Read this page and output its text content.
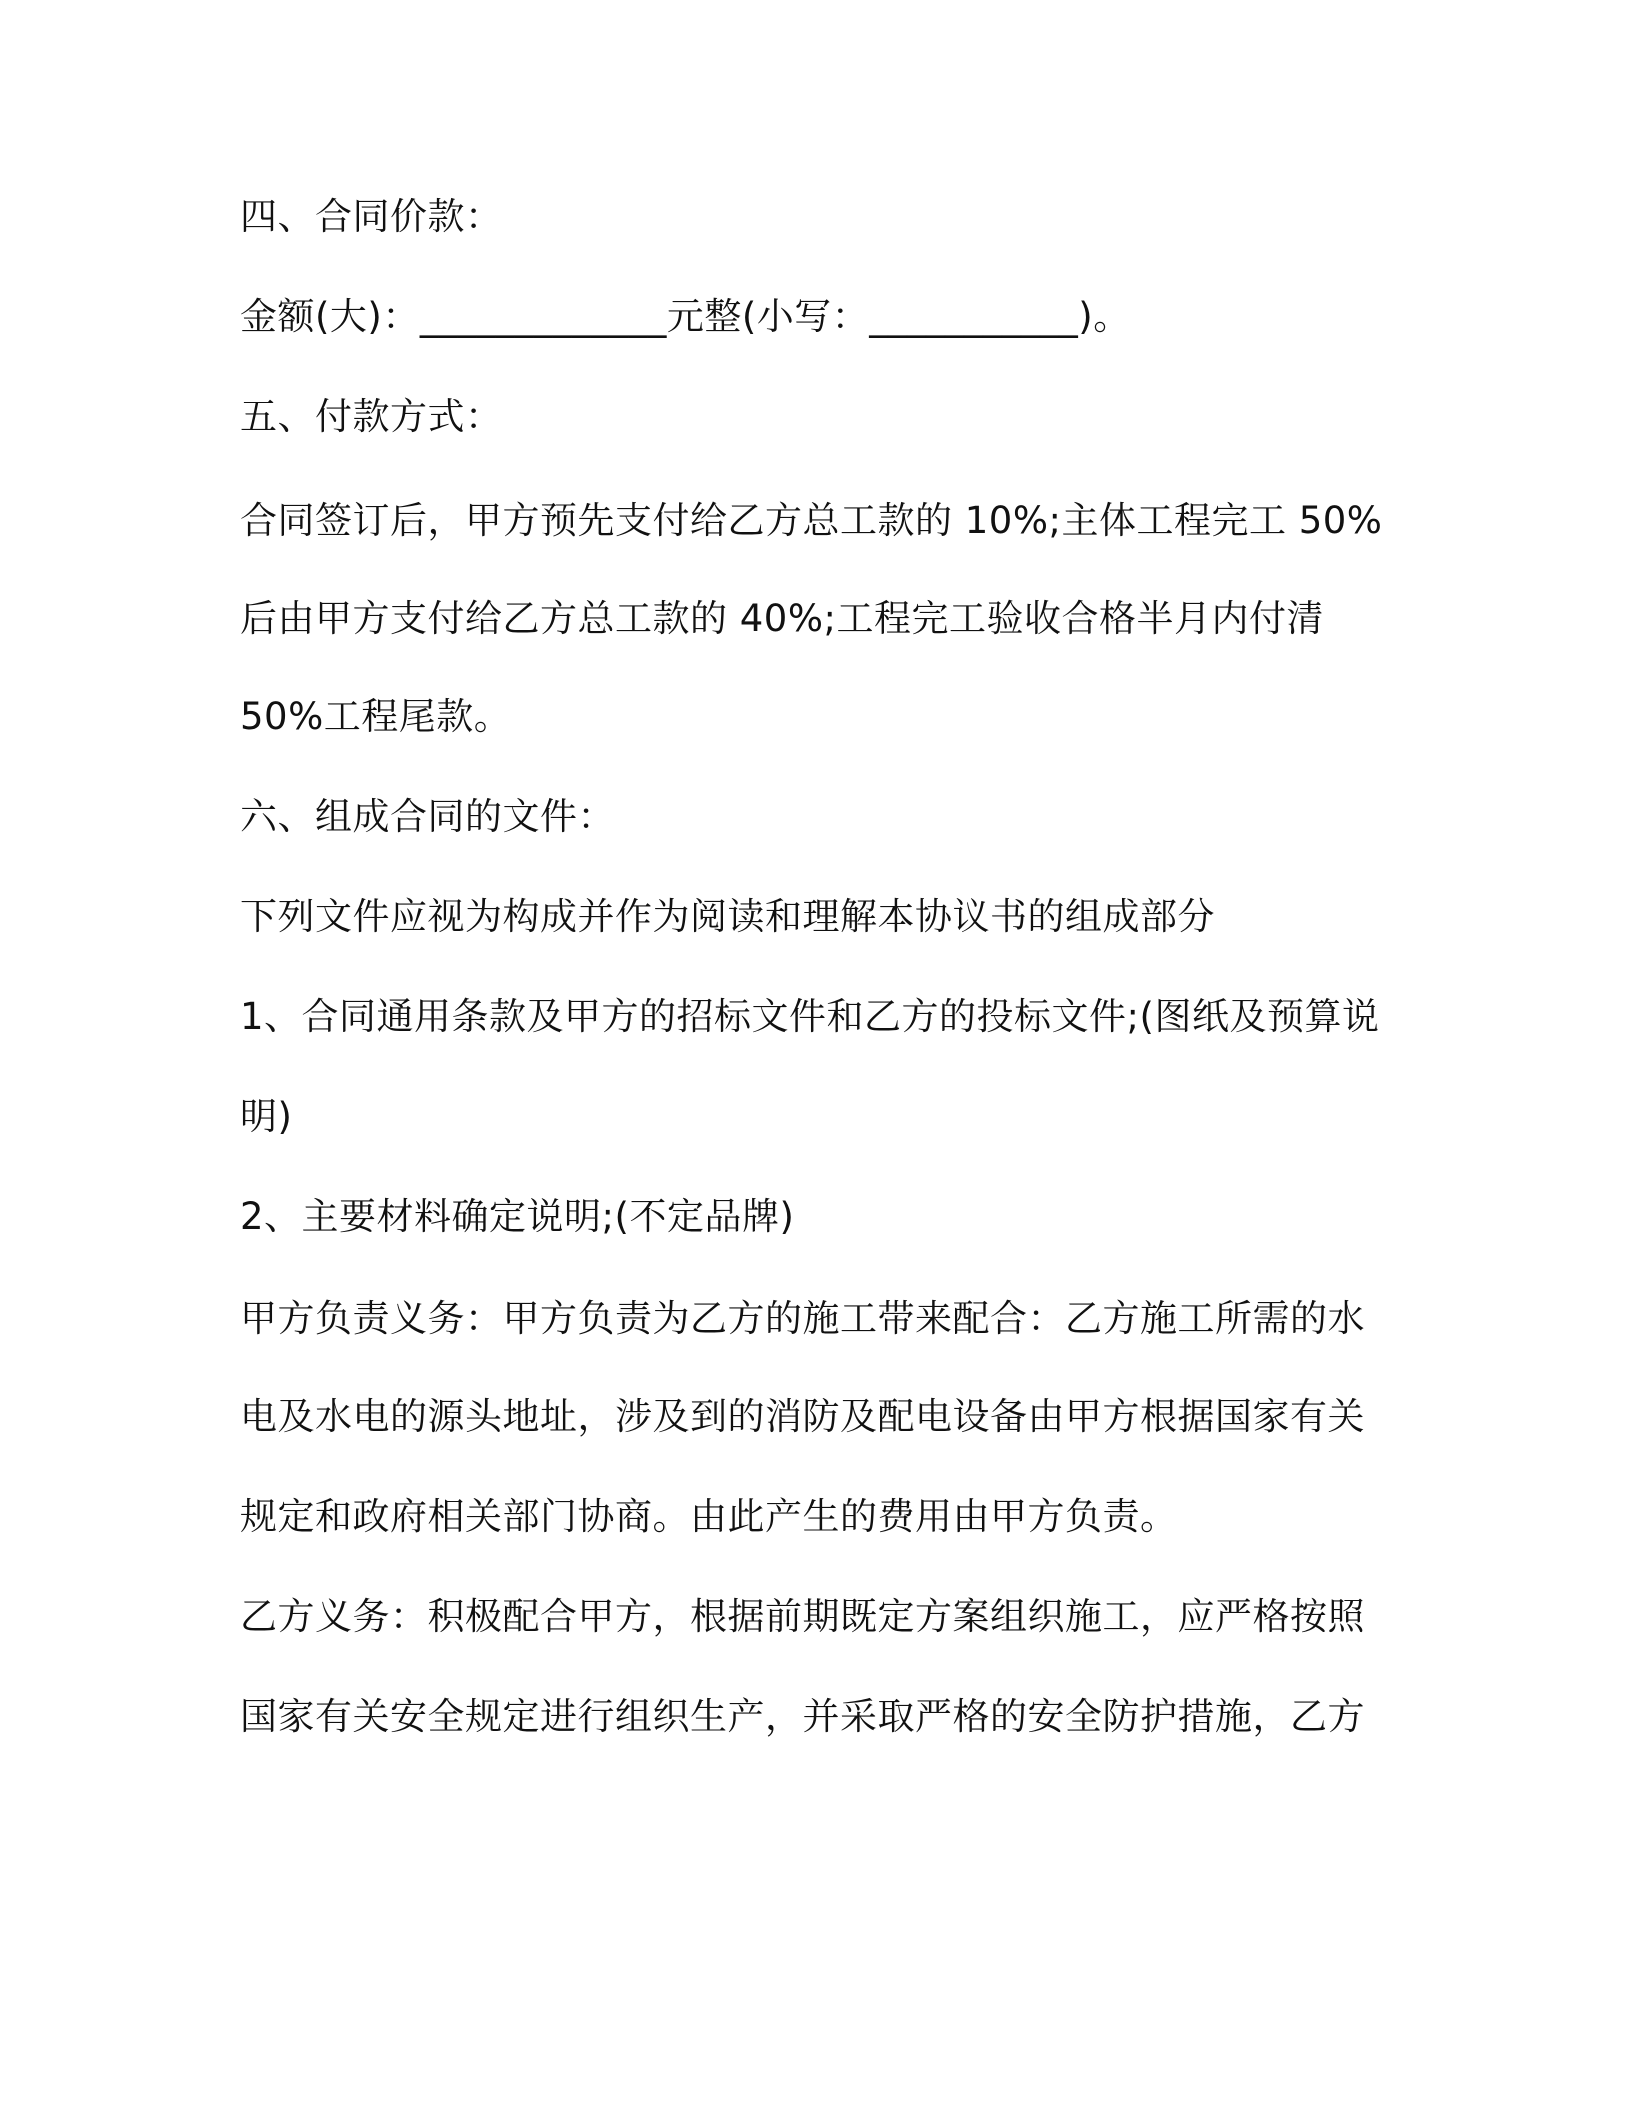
四、合同价款：
金额(大)：_____________元整(小写：___________)。
五、付款方式：
合同签订后，甲方预先支付给乙方总工款的 10%;主体工程完工 50%
后由甲方支付给乙方总工款的 40%;工程完工验收合格半月内付清
50%工程尾款。
六、组成合同的文件：
下列文件应视为构成并作为阅读和理解本协议书的组成部分
1、合同通用条款及甲方的招标文件和乙方的投标文件;(图纸及预算说
明)
2、主要材料确定说明;(不定品牌)
甲方负责义务：甲方负责为乙方的施工带来配合：乙方施工所需的水
电及水电的源头地址，涉及到的消防及配电设备由甲方根据国家有关
规定和政府相关部门协商。由此产生的费用由甲方负责。
乙方义务：积极配合甲方，根据前期既定方案组织施工，应严格按照
国家有关安全规定进行组织生产，并采取严格的安全防护措施，乙方
